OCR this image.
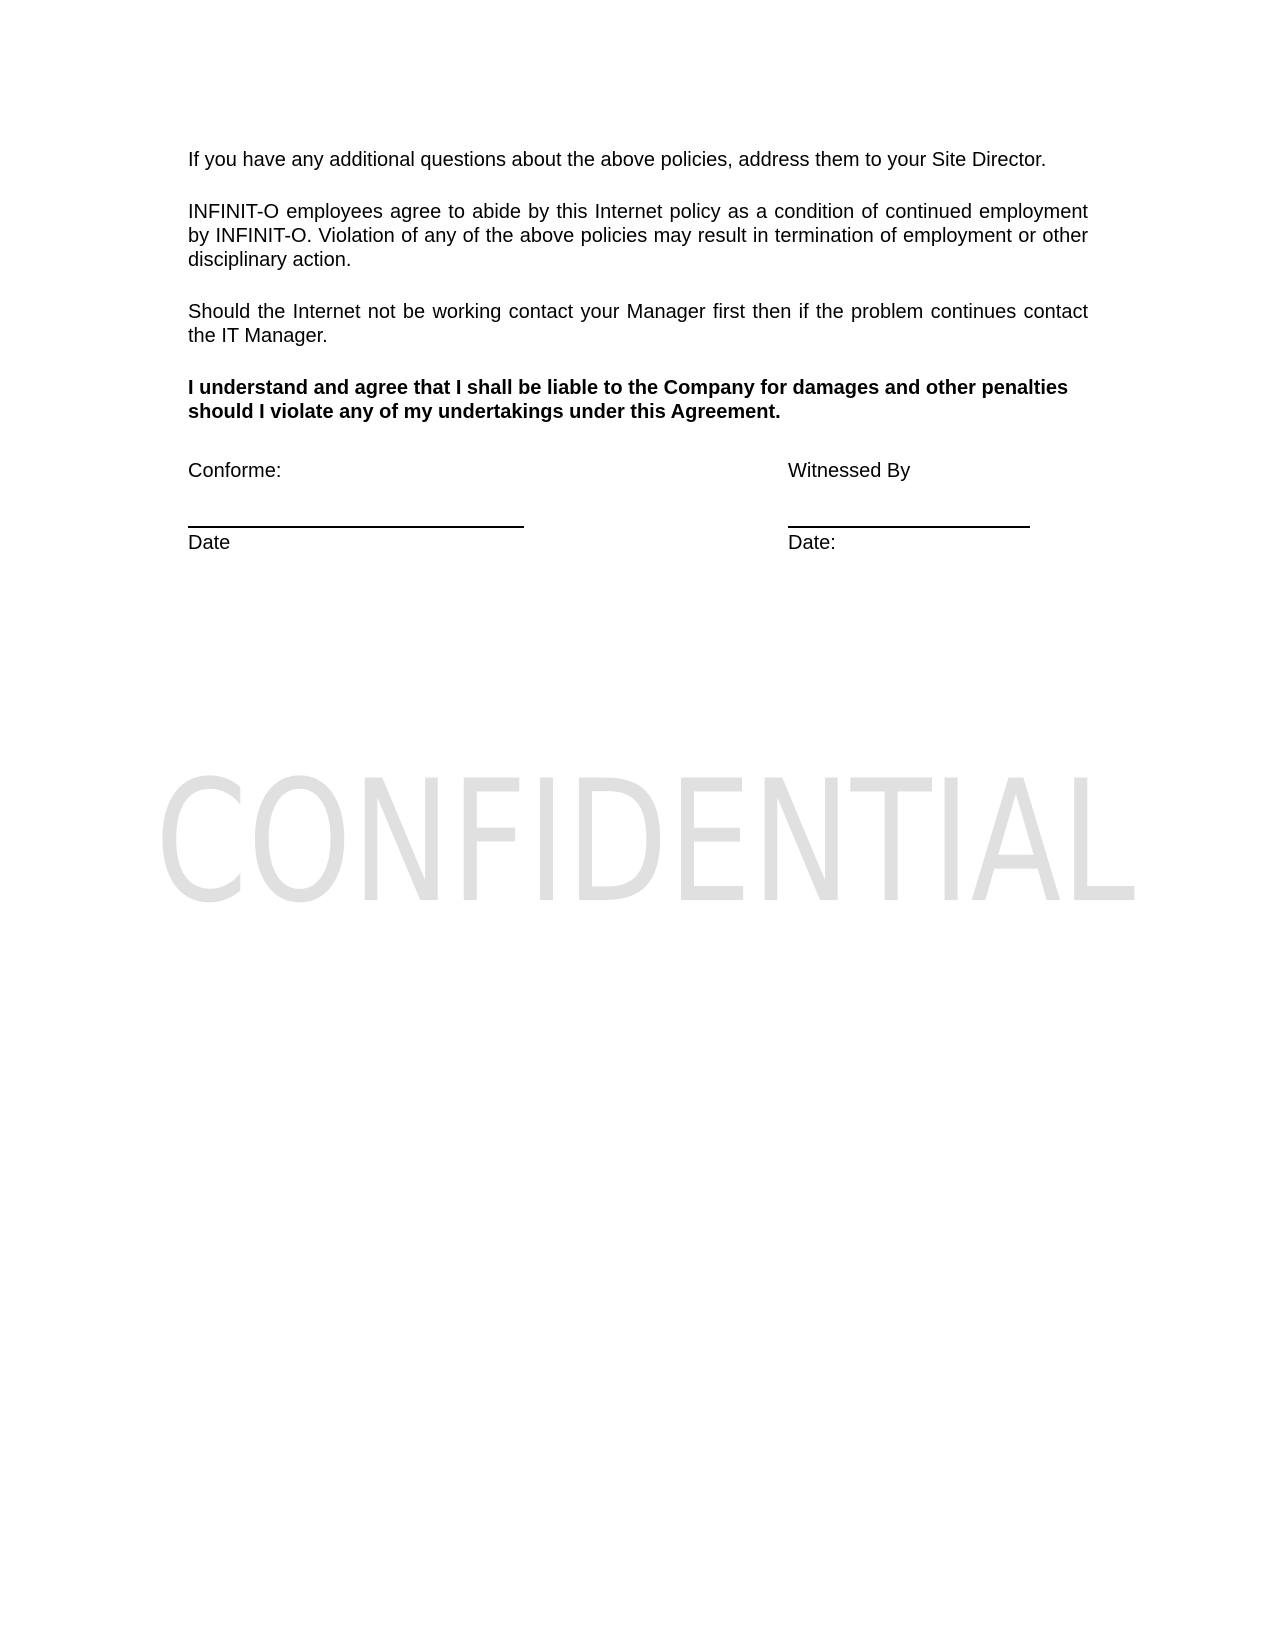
If you have any additional questions about the above policies, address them to your Site Director.

INFINIT-O employees agree to abide by this Internet policy as a condition of continued employment by INFINIT-O. Violation of any of the above policies may result in termination of employment or other disciplinary action.

Should the Internet not be working contact your Manager first then if the problem continues contact the IT Manager.

I understand and agree that I shall be liable to the Company for damages and other penalties should I violate any of my undertakings under this Agreement.

Conforme:	Witnessed By
Date	Date:
CONFIDENTIAL
